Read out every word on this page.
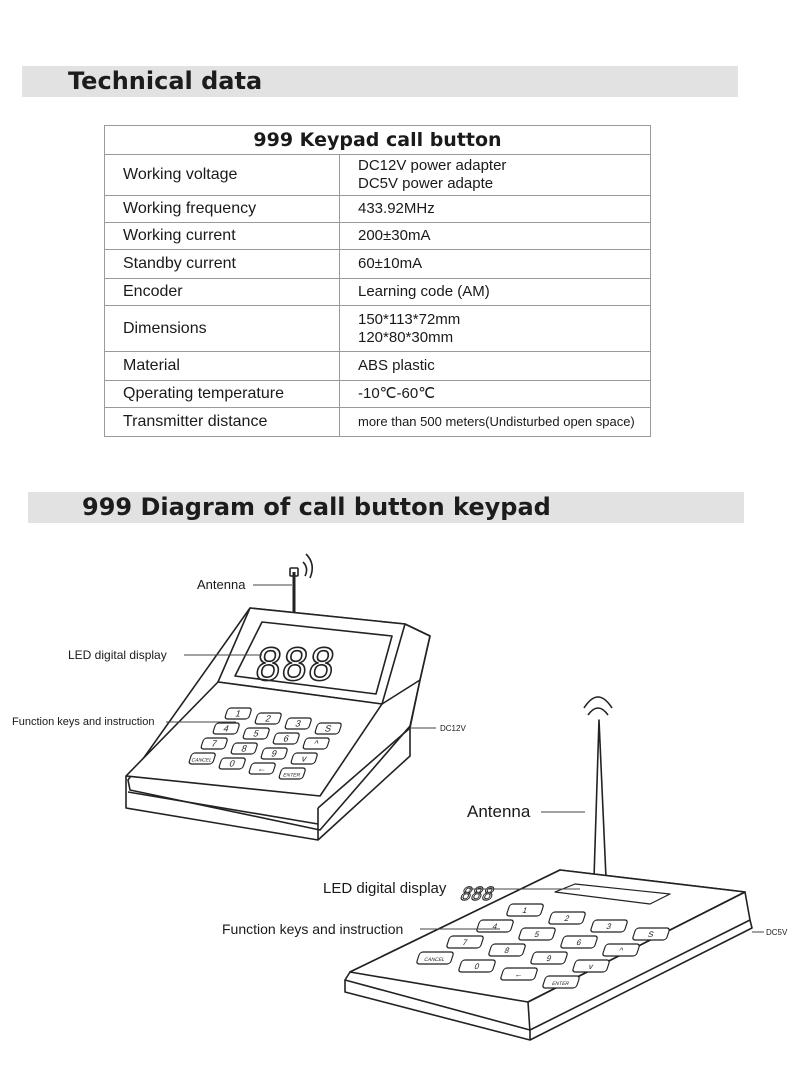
Technical data
999 Keypad call button	
Working voltage	DC12V power adapter
DC5V power adapte

Working frequency	433.92MHz
Working current	200±30mA
Standby current	60±10mA
Encoder	Learning code (AM)
Dimensions	150*113*72mm
120*80*30mm

Material	ABS plastic
Qperating temperature	-10℃-60℃
Transmitter distance	more than 500 meters(Undisturbed open space)
999 Diagram of call button keypad
888
1
2
3
S
4
5
6
^
7
8
9
v
CANCEL 0
←
ENTER
888
1
2
3
S
4
5
6
^
7
8
9
v
CANCEL
0
←
ENTER
Antenna
LED digital display
Function keys and instruction
DC12V
Antenna
LED digital display
Function keys and instruction	DC5V
